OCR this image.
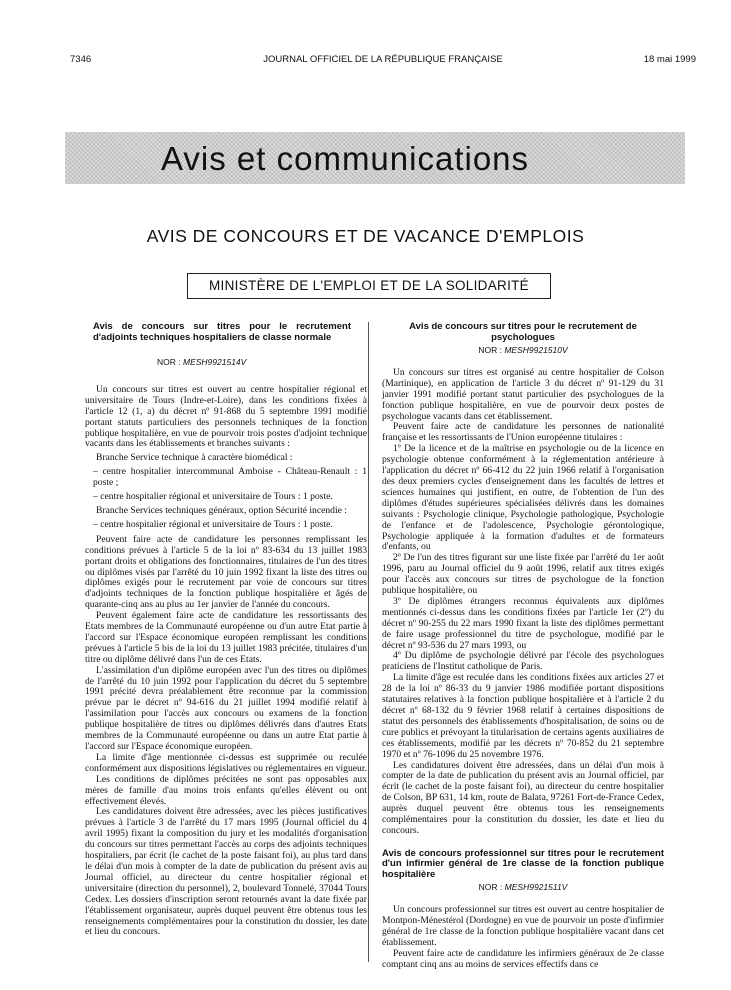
7346	JOURNAL OFFICIEL DE LA RÉPUBLIQUE FRANÇAISE	18 mai 1999
Avis et communications
AVIS DE CONCOURS ET DE VACANCE D'EMPLOIS
MINISTÈRE DE L'EMPLOI ET DE LA SOLIDARITÉ
Avis de concours sur titres pour le recrutement d'adjoints techniques hospitaliers de classe normale
NOR : MESH9921514V

Un concours sur titres est ouvert au centre hospitalier régional et universitaire de Tours (Indre-et-Loire), dans les conditions fixées à l'article 12 (1, a) du décret nº 91-868 du 5 septembre 1991 modifié portant statuts particuliers des personnels techniques de la fonction publique hospitalière, en vue de pourvoir trois postes d'adjoint technique vacants dans les établissements et branches suivants :

Branche Service technique à caractère biomédical :

– centre hospitalier intercommunal Amboise - Château-Renault : 1 poste ;

– centre hospitalier régional et universitaire de Tours : 1 poste.

Branche Services techniques généraux, option Sécurité incendie :

– centre hospitalier régional et universitaire de Tours : 1 poste.

Peuvent faire acte de candidature les personnes remplissant les conditions prévues à l'article 5 de la loi nº 83-634 du 13 juillet 1983 portant droits et obligations des fonctionnaires, titulaires de l'un des titres ou diplômes visés par l'arrêté du 10 juin 1992 fixant la liste des titres ou diplômes exigés pour le recrutement par voie de concours sur titres d'adjoints techniques de la fonction publique hospitalière et âgés de quarante-cinq ans au plus au 1er janvier de l'année du concours.

Peuvent également faire acte de candidature les ressortissants des Etats membres de la Communauté européenne ou d'un autre Etat partie à l'accord sur l'Espace économique européen remplissant les conditions prévues à l'article 5 bis de la loi du 13 juillet 1983 précitée, titulaires d'un titre ou diplôme délivré dans l'un de ces Etats.

L'assimilation d'un diplôme européen avec l'un des titres ou diplômes de l'arrêté du 10 juin 1992 pour l'application du décret du 5 septembre 1991 précité devra préalablement être reconnue par la commission prévue par le décret nº 94-616 du 21 juillet 1994 modifié relatif à l'assimilation pour l'accès aux concours ou examens de la fonction publique hospitalière de titres ou diplômes délivrés dans d'autres Etats membres de la Communauté européenne ou dans un autre Etat partie à l'accord sur l'Espace économique européen.

La limite d'âge mentionnée ci-dessus est supprimée ou reculée conformément aux dispositions législatives ou réglementaires en vigueur.

Les conditions de diplômes précitées ne sont pas opposables aux mères de famille d'au moins trois enfants qu'elles élèvent ou ont effectivement élevés.

Les candidatures doivent être adressées, avec les pièces justificatives prévues à l'article 3 de l'arrêté du 17 mars 1995 (Journal officiel du 4 avril 1995) fixant la composition du jury et les modalités d'organisation du concours sur titres permettant l'accès au corps des adjoints techniques hospitaliers, par écrit (le cachet de la poste faisant foi), au plus tard dans le délai d'un mois à compter de la date de publication du présent avis au Journal officiel, au directeur du centre hospitalier régional et universitaire (direction du personnel), 2, boulevard Tonnelé, 37044 Tours Cedex. Les dossiers d'inscription seront retournés avant la date fixée par l'établissement organisateur, auprès duquel peuvent être obtenus tous les renseignements complémentaires pour la constitution du dossier, les date et lieu du concours.

Avis de concours sur titres pour le recrutement de psychologues
NOR : MESH9921510V

Un concours sur titres est organisé au centre hospitalier de Colson (Martinique), en application de l'article 3 du décret nº 91-129 du 31 janvier 1991 modifié portant statut particulier des psychologues de la fonction publique hospitalière, en vue de pourvoir deux postes de psychologue vacants dans cet établissement.

Peuvent faire acte de candidature les personnes de nationalité française et les ressortissants de l'Union européenne titulaires :

1º De la licence et de la maîtrise en psychologie ou de la licence en psychologie obtenue conformément à la réglementation antérieure à l'application du décret nº 66-412 du 22 juin 1966 relatif à l'organisation des deux premiers cycles d'enseignement dans les facultés de lettres et sciences humaines qui justifient, en outre, de l'obtention de l'un des diplômes d'études supérieures spécialisées délivrés dans les domaines suivants : Psychologie clinique, Psychologie pathologique, Psychologie de l'enfance et de l'adolescence, Psychologie gérontologique, Psychologie appliquée à la formation d'adultes et de formateurs d'enfants, ou

2º De l'un des titres figurant sur une liste fixée par l'arrêté du 1er août 1996, paru au Journal officiel du 9 août 1996, relatif aux titres exigés pour l'accès aux concours sur titres de psychologue de la fonction publique hospitalière, ou

3º De diplômes étrangers reconnus équivalents aux diplômes mentionnés ci-dessus dans les conditions fixées par l'article 1er (2º) du décret nº 90-255 du 22 mars 1990 fixant la liste des diplômes permettant de faire usage professionnel du titre de psychologue, modifié par le décret nº 93-536 du 27 mars 1993, ou

4º Du diplôme de psychologie délivré par l'école des psychologues praticiens de l'Institut catholique de Paris.

La limite d'âge est reculée dans les conditions fixées aux articles 27 et 28 de la loi nº 86-33 du 9 janvier 1986 modifiée portant dispositions statutaires relatives à la fonction publique hospitalière et à l'article 2 du décret nº 68-132 du 9 février 1968 relatif à certaines dispositions de statut des personnels des établissements d'hospitalisation, de soins ou de cure publics et prévoyant la titularisation de certains agents auxiliaires de ces établissements, modifié par les décrets nº 70-852 du 21 septembre 1970 et nº 76-1096 du 25 novembre 1976.

Les candidatures doivent être adressées, dans un délai d'un mois à compter de la date de publication du présent avis au Journal officiel, par écrit (le cachet de la poste faisant foi), au directeur du centre hospitalier de Colson, BP 631, 14 km, route de Balata, 97261 Fort-de-France Cedex, auprès duquel peuvent être obtenus tous les renseignements complémentaires pour la constitution du dossier, les date et lieu du concours.

Avis de concours professionnel sur titres pour le recrutement d'un infirmier général de 1re classe de la fonction publique hospitalière
NOR : MESH9921511V

Un concours professionnel sur titres est ouvert au centre hospitalier de Montpon-Ménestérol (Dordogne) en vue de pourvoir un poste d'infirmier général de 1re classe de la fonction publique hospitalière vacant dans cet établissement.

Peuvent faire acte de candidature les infirmiers généraux de 2e classe comptant cinq ans au moins de services effectifs dans ce
